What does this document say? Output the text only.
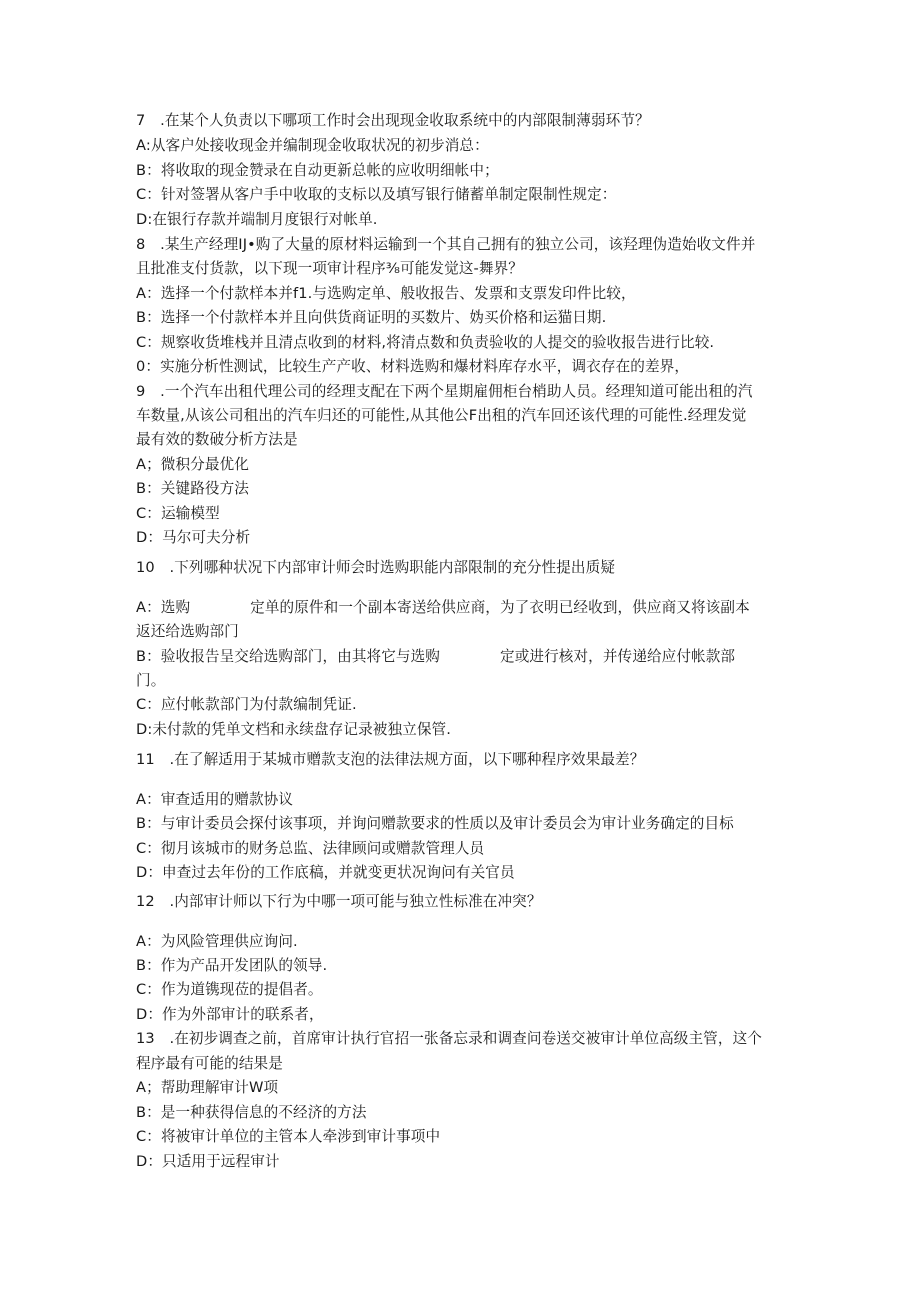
7　.在某个人负责以下哪项工作时会出现现金收取系统中的内部限制薄弱环节？
A:从客户处接收现金并编制现金收取状况的初步消总：
B：将收取的现金赞录在自动更新总帐的应收明细帐中；
C：针对签署从客户手中收取的支标以及填写银行储蓄单制定限制性规定：
D:在银行存款并端制月度银行对帐单.
8　.某生产经理IJ•购了大量的原材料运输到一个其自己拥有的独立公司，该羟理伪造始收文件并
且批准支付货款，以下现一项审计程序⅜可能发觉这-舞界？
A：选择一个付款样本并f1.与选购定单、般收报告、发票和支票发印件比较，
B：选择一个付款样本并且向供货商证明的买数片、妫买价格和运猫日期.
C：规察收货堆栈并且清点收到的材料,将清点数和负责验收的人提交的验收报告进行比较.
0：实施分析性测试，比较生产产收、材料选购和爆材料库存水平，调衣存在的差界，
9　.一个汽车出租代理公司的经理支配在下两个星期雇佣柜台梢助人员。经理知道可能出租的汽
车数量,从该公司租出的汽车归还的可能性,从其他公F出租的汽车回还该代理的可能性.经理发觉
最有效的数破分析方法是
A；微积分最优化
B：关键路役方法
C：运输模型
D：马尔可夫分析
10　.下列哪种状况下内部审计师会时选购职能内部限制的充分性提出质疑
A：选购	定单的原件和一个副本寄送给供应商，为了衣明已经收到，供应商又将该副本
返还给选购部门
B：验收报告呈交给选购部门，由其将它与选购	定或进行核对，并传递给应付帐款部
门。
C：应付帐款部门为付款编制凭证.
D:未付款的凭单文档和永续盘存记录被独立保管.
11　.在了解适用于某城市赠款支泡的法律法规方面，以下哪种程序效果最差？
A：审查适用的赠款协议
B：与审计委员会探付该事项，并询问赠款要求的性质以及审计委员会为审计业务确定的目标
C：彻月该城市的财务总监、法律顾问或赠款管理人员
D：申查过去年份的工作底稿，并就变更状况询问有关官员
12　.内部审计师以下行为中哪一项可能与独立性标准在冲突？
A：为风险管理供应询问.
B：作为产品开发团队的领导.
C：作为道镌现莅的提倡者。
D：作为外部审计的联系者，
13　.在初步调查之前，首席审计执行官招一张备忘录和调查问卷送交被审计单位高级主管，这个
程序最有可能的结果是
A；帮助理解审计W项
B：是一种获得信息的不经济的方法
C：将被审计单位的主管本人牵涉到审计事项中
D：只适用于远程审计
